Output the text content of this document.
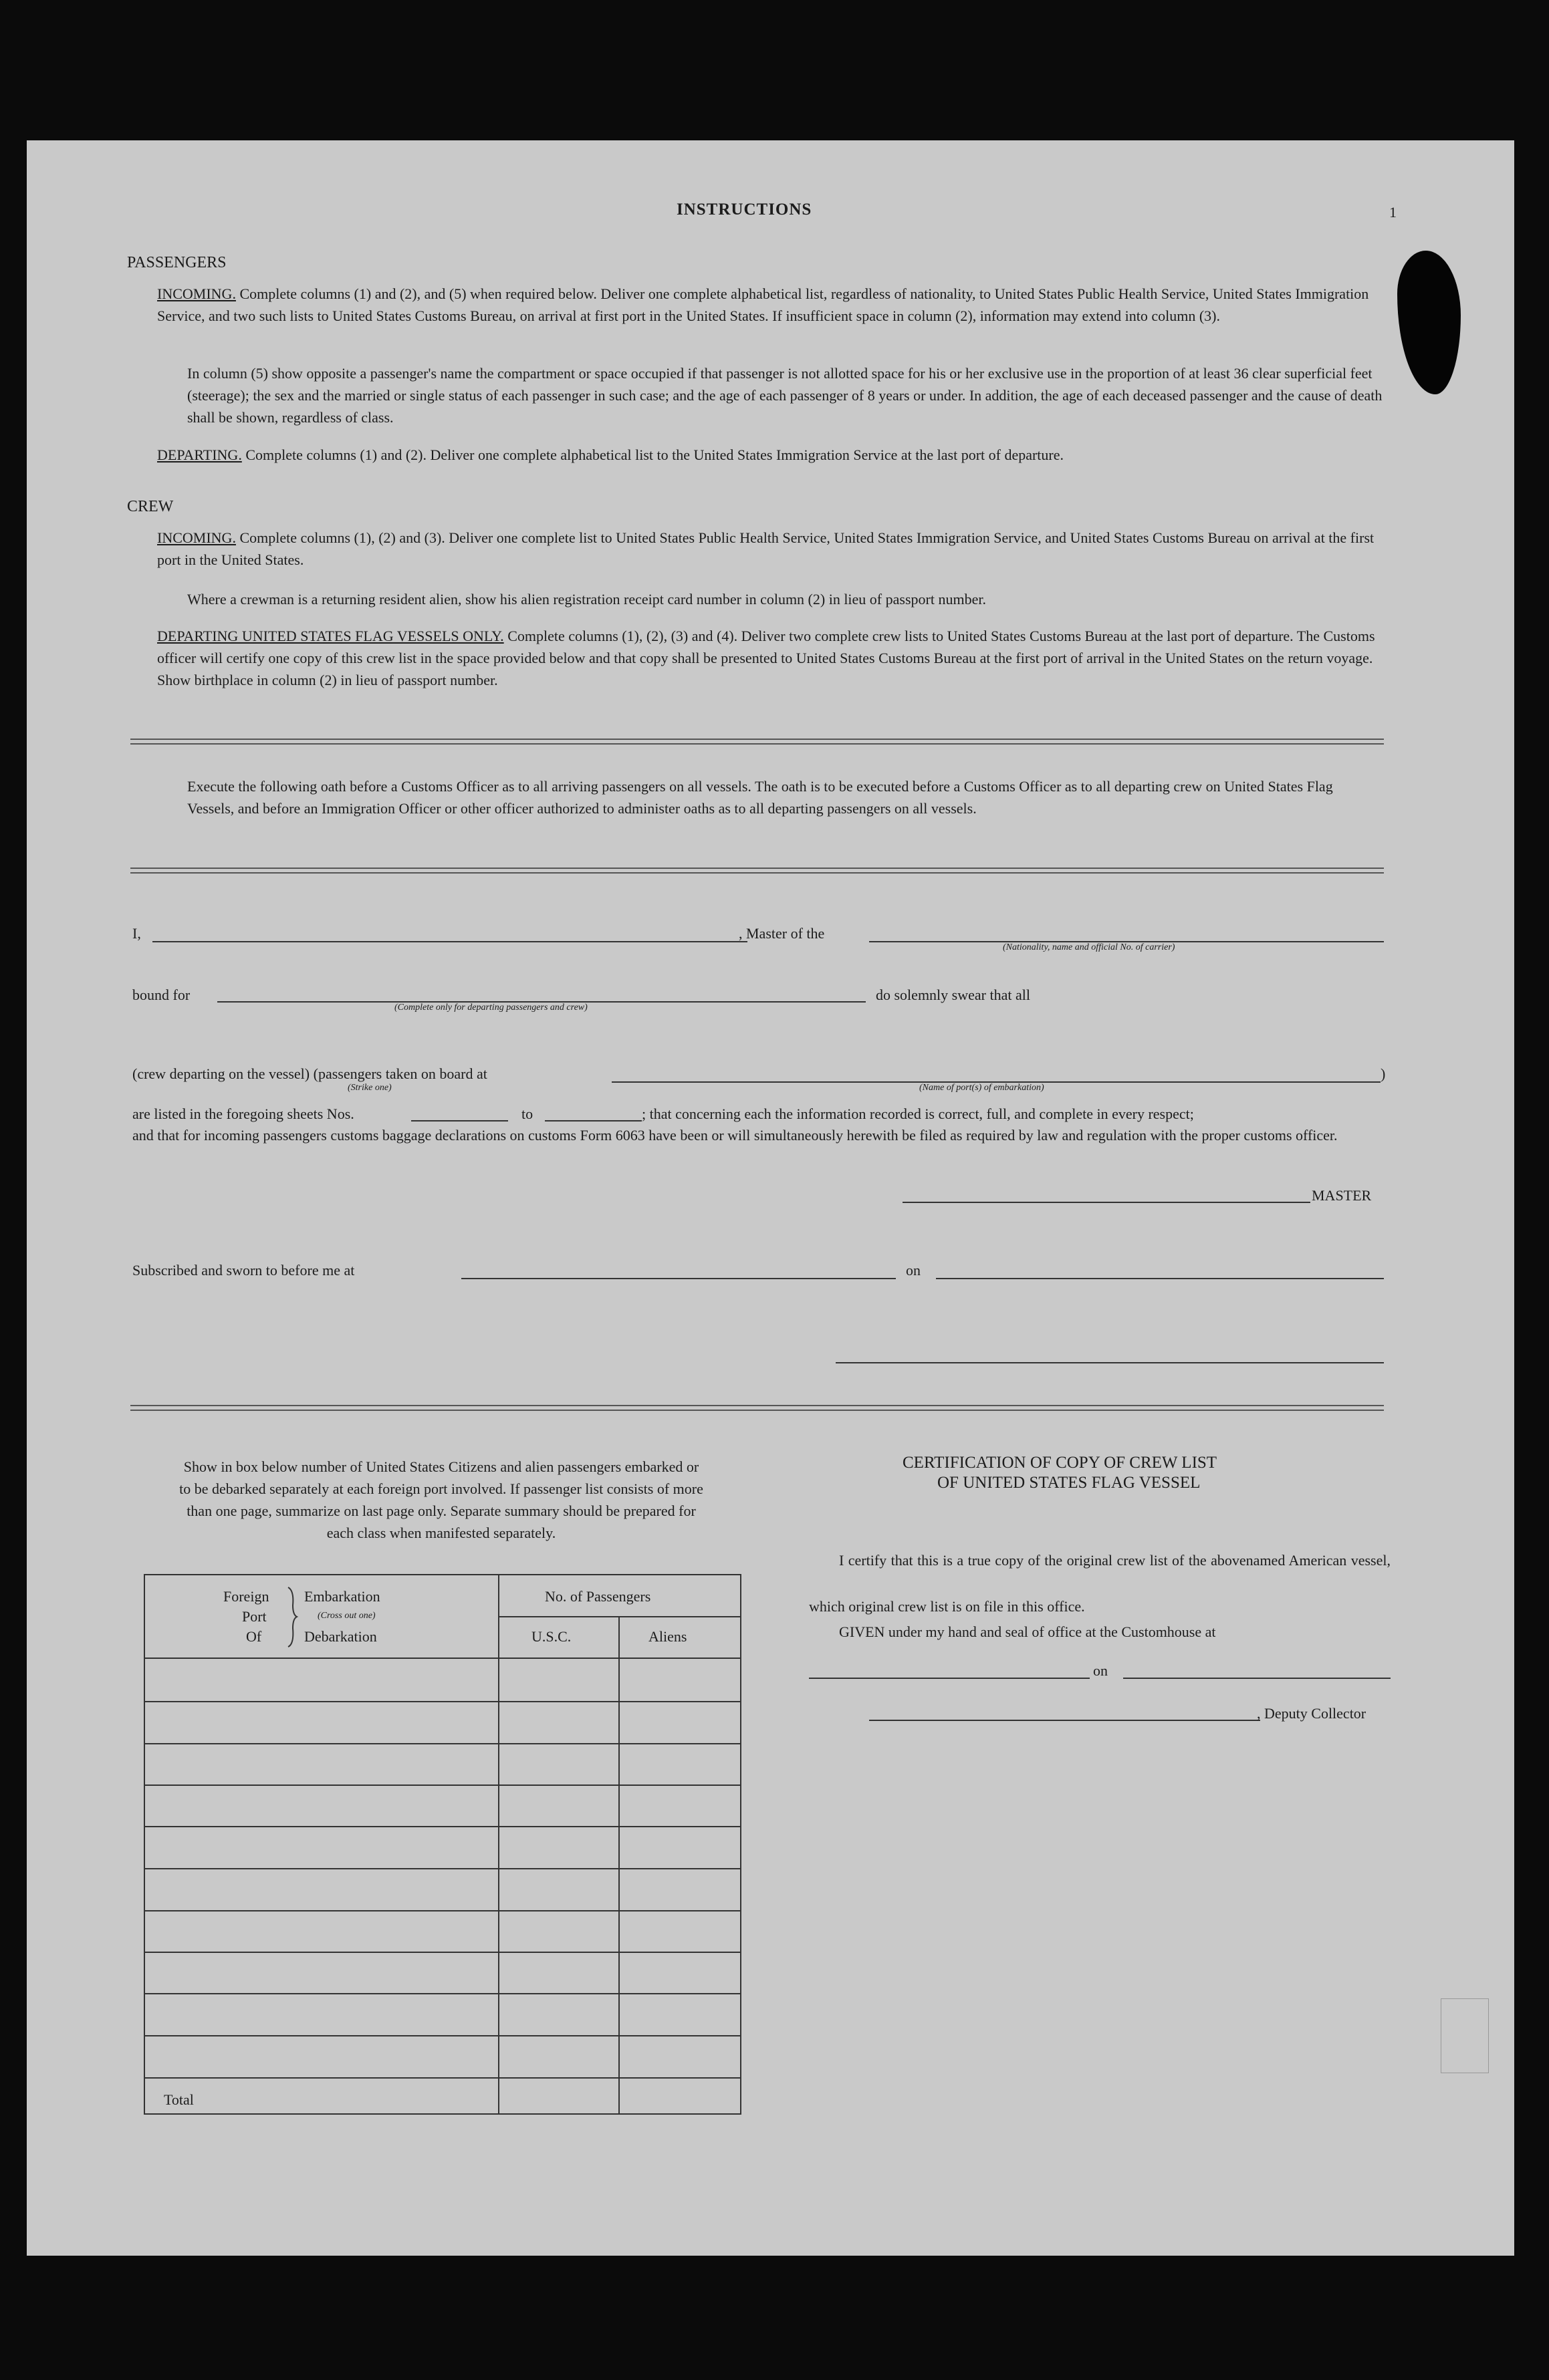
INSTRUCTIONS	1
PASSENGERS
INCOMING. Complete columns (1) and (2), and (5) when required below. Deliver one complete alphabetical list, regardless of nationality, to United States Public Health Service, United States Immigration Service, and two such lists to United States Customs Bureau, on arrival at first port in the United States. If insufficient space in column (2), information may extend into column (3).
In column (5) show opposite a passenger's name the compartment or space occupied if that passenger is not allotted space for his or her exclusive use in the proportion of at least 36 clear superficial feet (steerage); the sex and the married or single status of each passenger in such case; and the age of each passenger of 8 years or under. In addition, the age of each deceased passenger and the cause of death shall be shown, regardless of class.
DEPARTING. Complete columns (1) and (2). Deliver one complete alphabetical list to the United States Immigration Service at the last port of departure.
CREW
INCOMING. Complete columns (1), (2) and (3). Deliver one complete list to United States Public Health Service, United States Immigration Service, and United States Customs Bureau on arrival at the first port in the United States.
Where a crewman is a returning resident alien, show his alien registration receipt card number in column (2) in lieu of passport number.
DEPARTING UNITED STATES FLAG VESSELS ONLY. Complete columns (1), (2), (3) and (4). Deliver two complete crew lists to United States Customs Bureau at the last port of departure. The Customs officer will certify one copy of this crew list in the space provided below and that copy shall be presented to United States Customs Bureau at the first port of arrival in the United States on the return voyage. Show birthplace in column (2) in lieu of passport number.
Execute the following oath before a Customs Officer as to all arriving passengers on all vessels. The oath is to be executed before a Customs Officer as to all departing crew on United States Flag Vessels, and before an Immigration Officer or other officer authorized to administer oaths as to all departing passengers on all vessels.
I,	, Master of the
(Nationality, name and official No. of carrier)
bound for
(Complete only for departing passengers and crew)
do solemnly swear that all
(crew departing on the vessel) (passengers taken on board at	)
(Strike one)	(Name of port(s) of embarkation)
are listed in the foregoing sheets Nos.	to	; that concerning each the information recorded is correct, full, and complete in every respect;
and that for incoming passengers customs baggage declarations on customs Form 6063 have been or will simultaneously herewith be filed as required by law and regulation with the proper customs officer.
MASTER
Subscribed and sworn to before me at	on
Show in box below number of United States Citizens and alien passengers embarked or to be debarked separately at each foreign port involved. If passenger list consists of more than one page, summarize on last page only. Separate summary should be prepared for each class when manifested separately.
Foreign
Port
Of
Embarkation
(Cross out one)
Debarkation
No. of Passengers
U.S.C.	Aliens
Total
CERTIFICATION OF COPY OF CREW LIST
OF UNITED STATES FLAG VESSEL
I certify that this is a true copy of the original crew list of the abovenamed American vessel, which original crew list is on file in this office.
GIVEN under my hand and seal of office at the Customhouse at
on
, Deputy Collector
